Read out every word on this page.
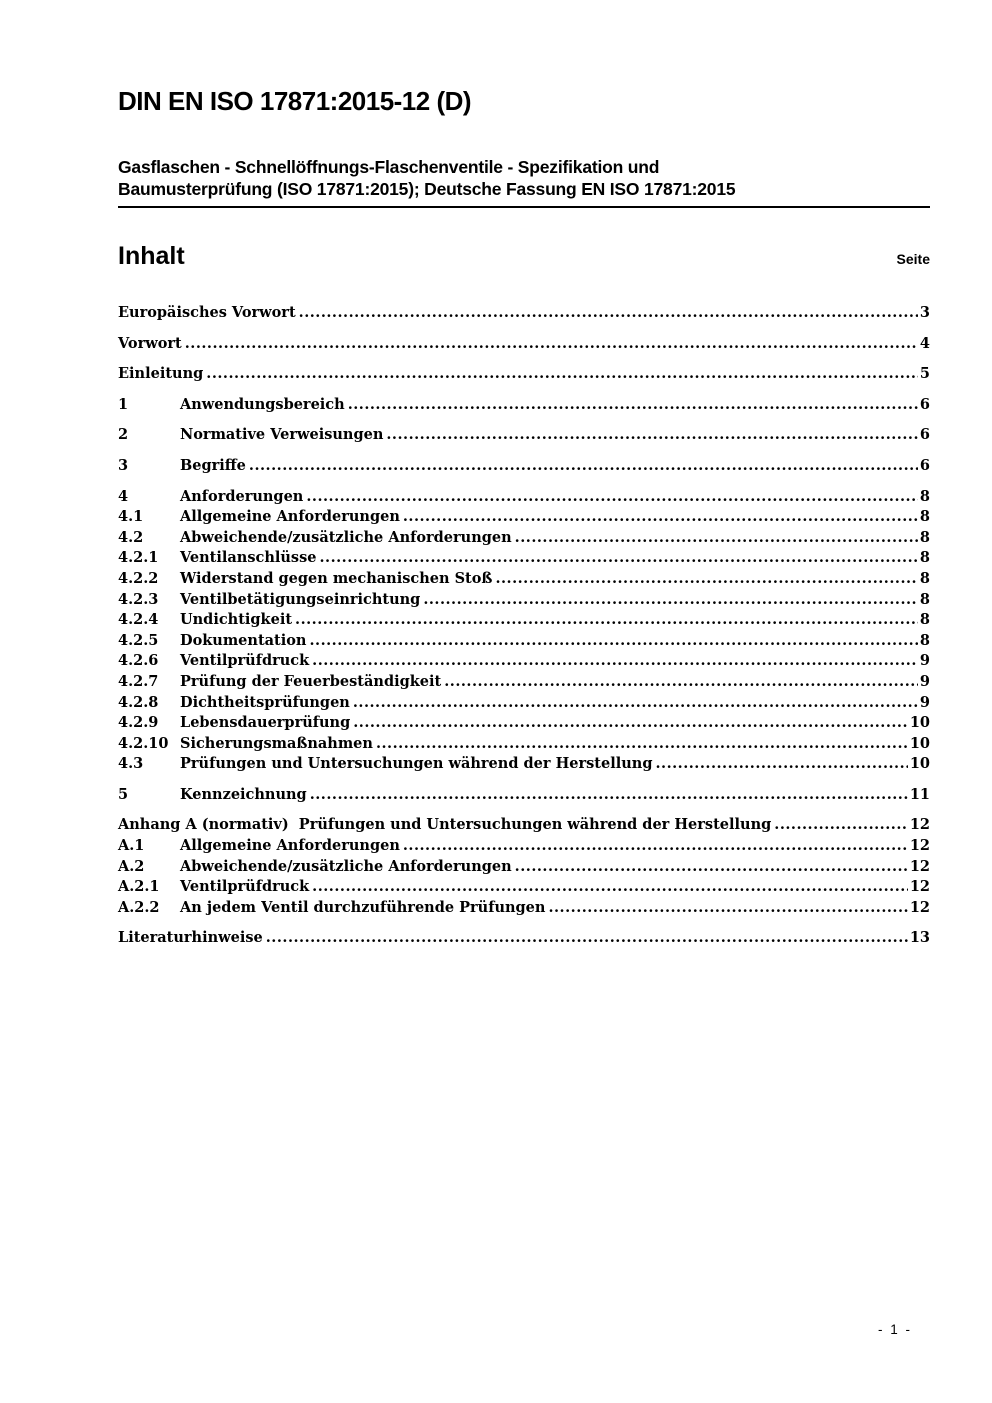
DIN EN ISO 17871:2015-12 (D)
Gasflaschen - Schnellöffnungs-Flaschenventile - Spezifikation und
Baumusterprüfung (ISO 17871:2015); Deutsche Fassung EN ISO 17871:2015
Inhalt	Seite
Europäisches Vorwort .....	3
Vorwort .....	4
Einleitung .....	5
1	Anwendungsbereich .....	6
2	Normative Verweisungen .....	6
3	Begriffe .....	6
4	Anforderungen .....	8
4.1	Allgemeine Anforderungen .....	8
4.2	Abweichende/zusätzliche Anforderungen .....	8
4.2.1	Ventilanschlüsse .....	8
4.2.2	Widerstand gegen mechanischen Stoß .....	8
4.2.3	Ventilbetätigungseinrichtung .....	8
4.2.4	Undichtigkeit .....	8
4.2.5	Dokumentation .....	8
4.2.6	Ventilprüfdruck .....	9
4.2.7	Prüfung der Feuerbeständigkeit .....	9
4.2.8	Dichtheitsprüfungen .....	9
4.2.9	Lebensdauerprüfung .....	10
4.2.10 Sicherungsmaßnahmen .....	10
4.3	Prüfungen und Untersuchungen während der Herstellung .....	10
5	Kennzeichnung .....	11
Anhang A (normativ)  Prüfungen und Untersuchungen während der Herstellung .....	12
A.1	Allgemeine Anforderungen .....	12
A.2	Abweichende/zusätzliche Anforderungen .....	12
A.2.1	Ventilprüfdruck .....	12
A.2.2	An jedem Ventil durchzuführende Prüfungen .....	12
Literaturhinweise .....	13
- 1 -
